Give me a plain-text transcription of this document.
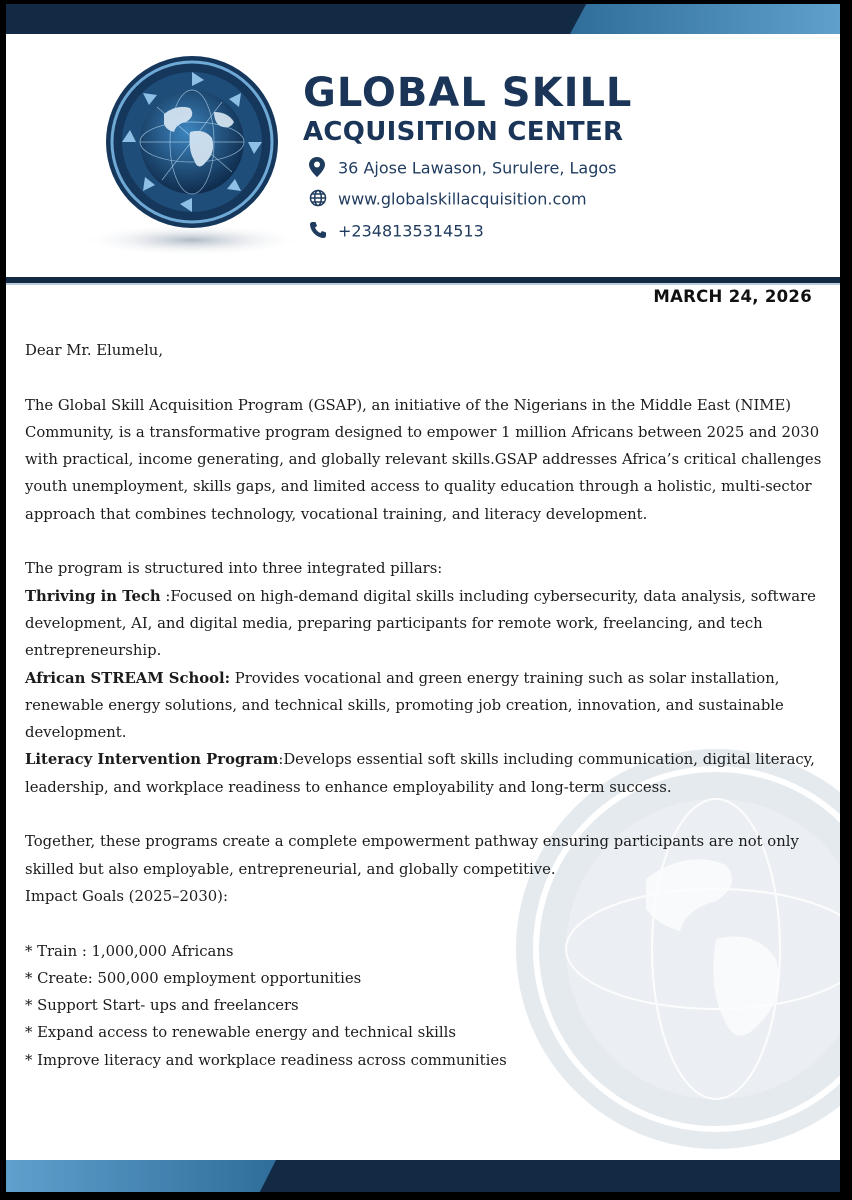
GLOBAL SKILL
ACQUISITION CENTER
36 Ajose Lawason, Surulere, Lagos
www.globalskillacquisition.com
+2348135314513
MARCH 24, 2026

Dear Mr. Elumelu,

The Global Skill Acquisition Program (GSAP), an initiative of the Nigerians in the Middle East (NIME) Community, is a transformative program designed to empower 1 million Africans between 2025 and 2030 with practical, income generating, and globally relevant skills.GSAP addresses Africa’s critical challenges youth unemployment, skills gaps, and limited access to quality education through a holistic, multi-sector approach that combines technology, vocational training, and literacy development.

The program is structured into three integrated pillars:

Thriving in Tech :Focused on high-demand digital skills including cybersecurity, data analysis, software development, AI, and digital media, preparing participants for remote work, freelancing, and tech entrepreneurship.

African STREAM School: Provides vocational and green energy training such as solar installation, renewable energy solutions, and technical skills, promoting job creation, innovation, and sustainable development.

Literacy Intervention Program:Develops essential soft skills including communication, digital literacy, leadership, and workplace readiness to enhance employability and long-term success.

Together, these programs create a complete empowerment pathway ensuring participants are not only skilled but also employable, entrepreneurial, and globally competitive.

Impact Goals (2025–2030):

* Train : 1,000,000 Africans

* Create: 500,000 employment opportunities

* Support Start- ups and freelancers

* Expand access to renewable energy and technical skills

* Improve literacy and workplace readiness across communities
